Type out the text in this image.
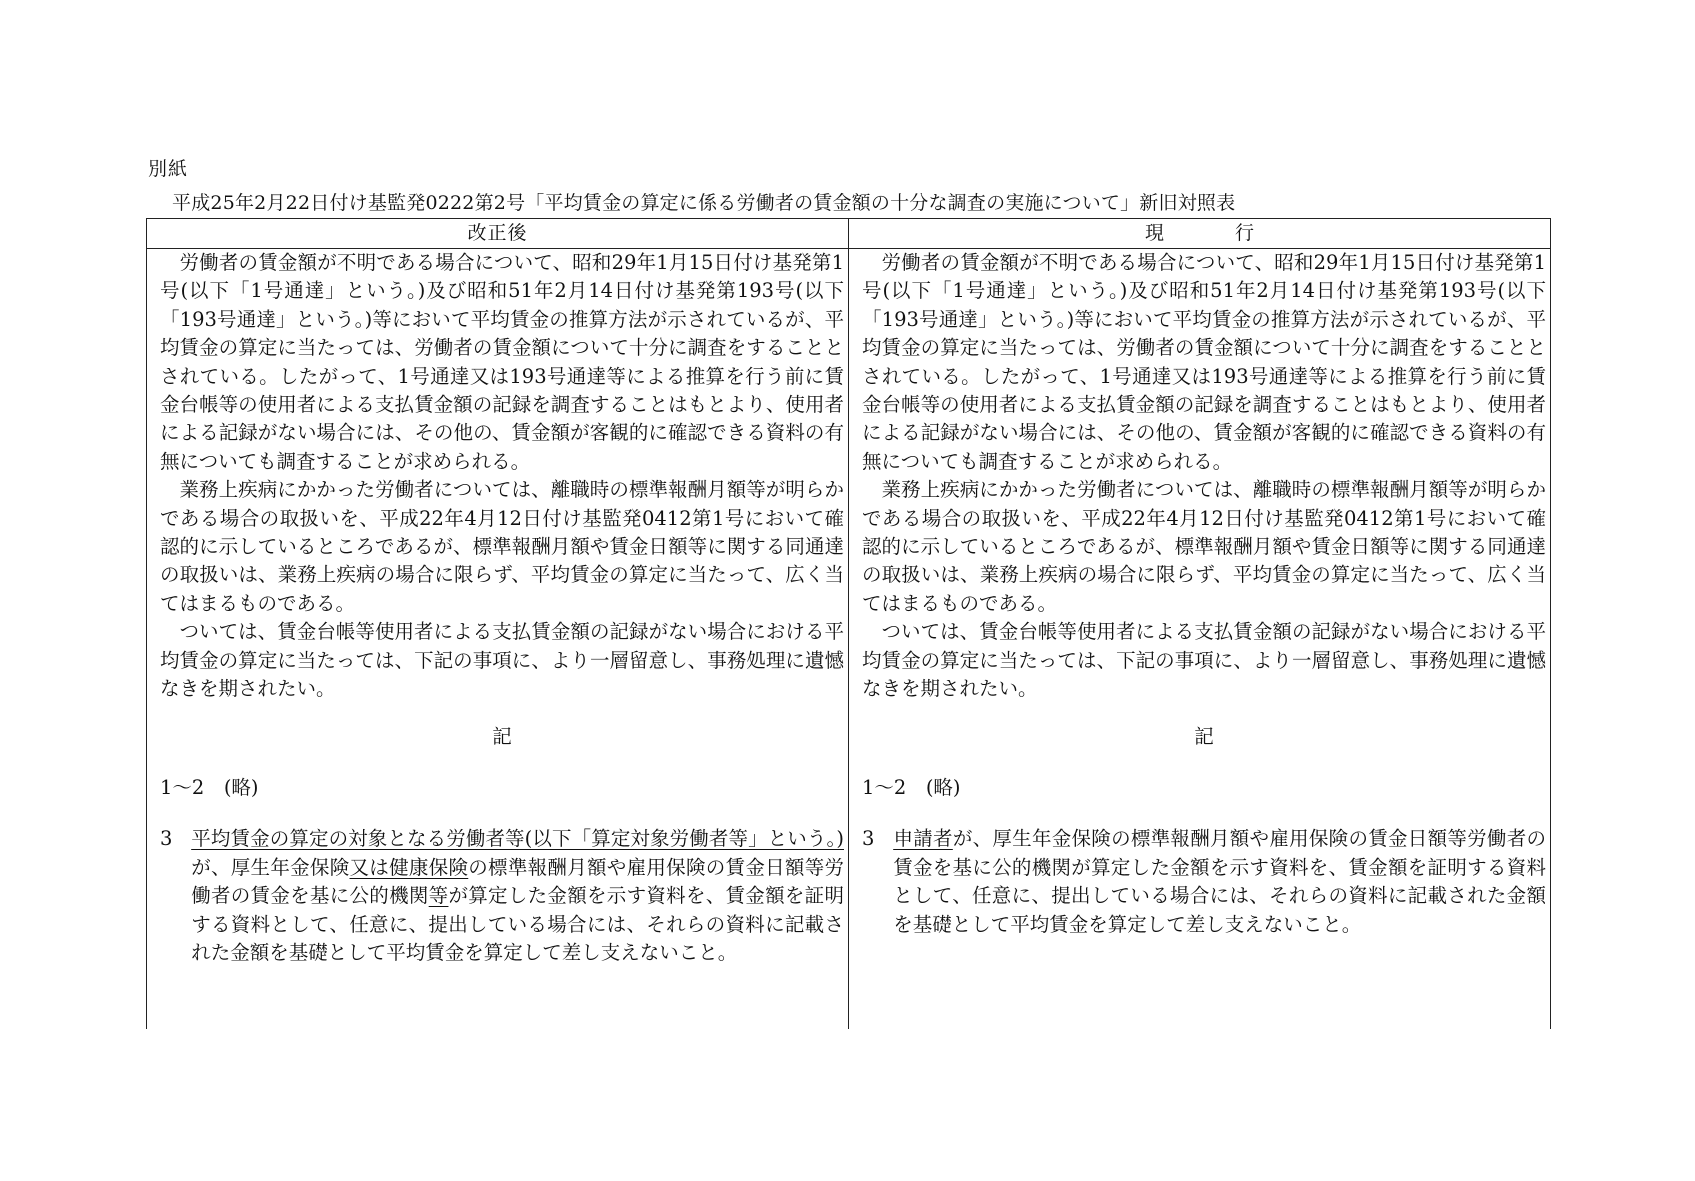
別紙
平成25年2月22日付け基監発0222第2号「平均賃金の算定に係る労働者の賃金額の十分な調査の実施について」新旧対照表
改正後	現　行

労働者の賃金額が不明である場合について、昭和29年1月15日付け基発第1号(以下「1号通達」という。)及び昭和51年2月14日付け基発第193号(以下「193号通達」という。)等において平均賃金の推算方法が示されているが、平均賃金の算定に当たっては、労働者の賃金額について十分に調査をすることとされている。したがって、1号通達又は193号通達等による推算を行う前に賃金台帳等の使用者による支払賃金額の記録を調査することはもとより、使用者による記録がない場合には、その他の、賃金額が客観的に確認できる資料の有無についても調査することが求められる。

業務上疾病にかかった労働者については、離職時の標準報酬月額等が明らかである場合の取扱いを、平成22年4月12日付け基監発0412第1号において確認的に示しているところであるが、標準報酬月額や賃金日額等に関する同通達の取扱いは、業務上疾病の場合に限らず、平均賃金の算定に当たって、広く当てはまるものである。

ついては、賃金台帳等使用者による支払賃金額の記録がない場合における平均賃金の算定に当たっては、下記の事項に、より一層留意し、事務処理に遺憾なきを期されたい。

記

1～2　(略)

3 平均賃金の算定の対象となる労働者等(以下「算定対象労働者等」という。)が、厚生年金保険又は健康保険の標準報酬月額や雇用保険の賃金日額等労働者の賃金を基に公的機関等が算定した金額を示す資料を、賃金額を証明する資料として、任意に、提出している場合には、それらの資料に記載された金額を基礎として平均賃金を算定して差し支えないこと。

労働者の賃金額が不明である場合について、昭和29年1月15日付け基発第1号(以下「1号通達」という。)及び昭和51年2月14日付け基発第193号(以下「193号通達」という。)等において平均賃金の推算方法が示されているが、平均賃金の算定に当たっては、労働者の賃金額について十分に調査をすることとされている。したがって、1号通達又は193号通達等による推算を行う前に賃金台帳等の使用者による支払賃金額の記録を調査することはもとより、使用者による記録がない場合には、その他の、賃金額が客観的に確認できる資料の有無についても調査することが求められる。

業務上疾病にかかった労働者については、離職時の標準報酬月額等が明らかである場合の取扱いを、平成22年4月12日付け基監発0412第1号において確認的に示しているところであるが、標準報酬月額や賃金日額等に関する同通達の取扱いは、業務上疾病の場合に限らず、平均賃金の算定に当たって、広く当てはまるものである。

ついては、賃金台帳等使用者による支払賃金額の記録がない場合における平均賃金の算定に当たっては、下記の事項に、より一層留意し、事務処理に遺憾なきを期されたい。

記

1～2　(略)

3 申請者が、厚生年金保険の標準報酬月額や雇用保険の賃金日額等労働者の賃金を基に公的機関が算定した金額を示す資料を、賃金額を証明する資料として、任意に、提出している場合には、それらの資料に記載された金額を基礎として平均賃金を算定して差し支えないこと。
